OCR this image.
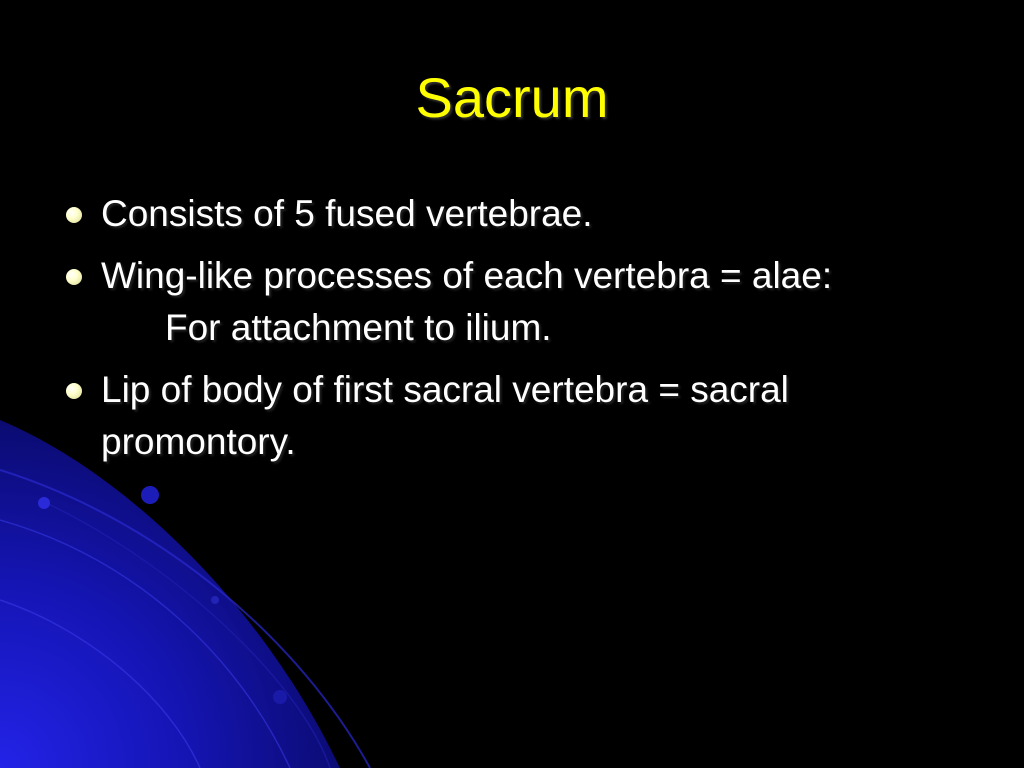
Sacrum
Consists of 5 fused vertebrae.
Wing-like processes of each vertebra = alae:
For attachment to ilium.
Lip of body of first sacral vertebra = sacral promontory.
